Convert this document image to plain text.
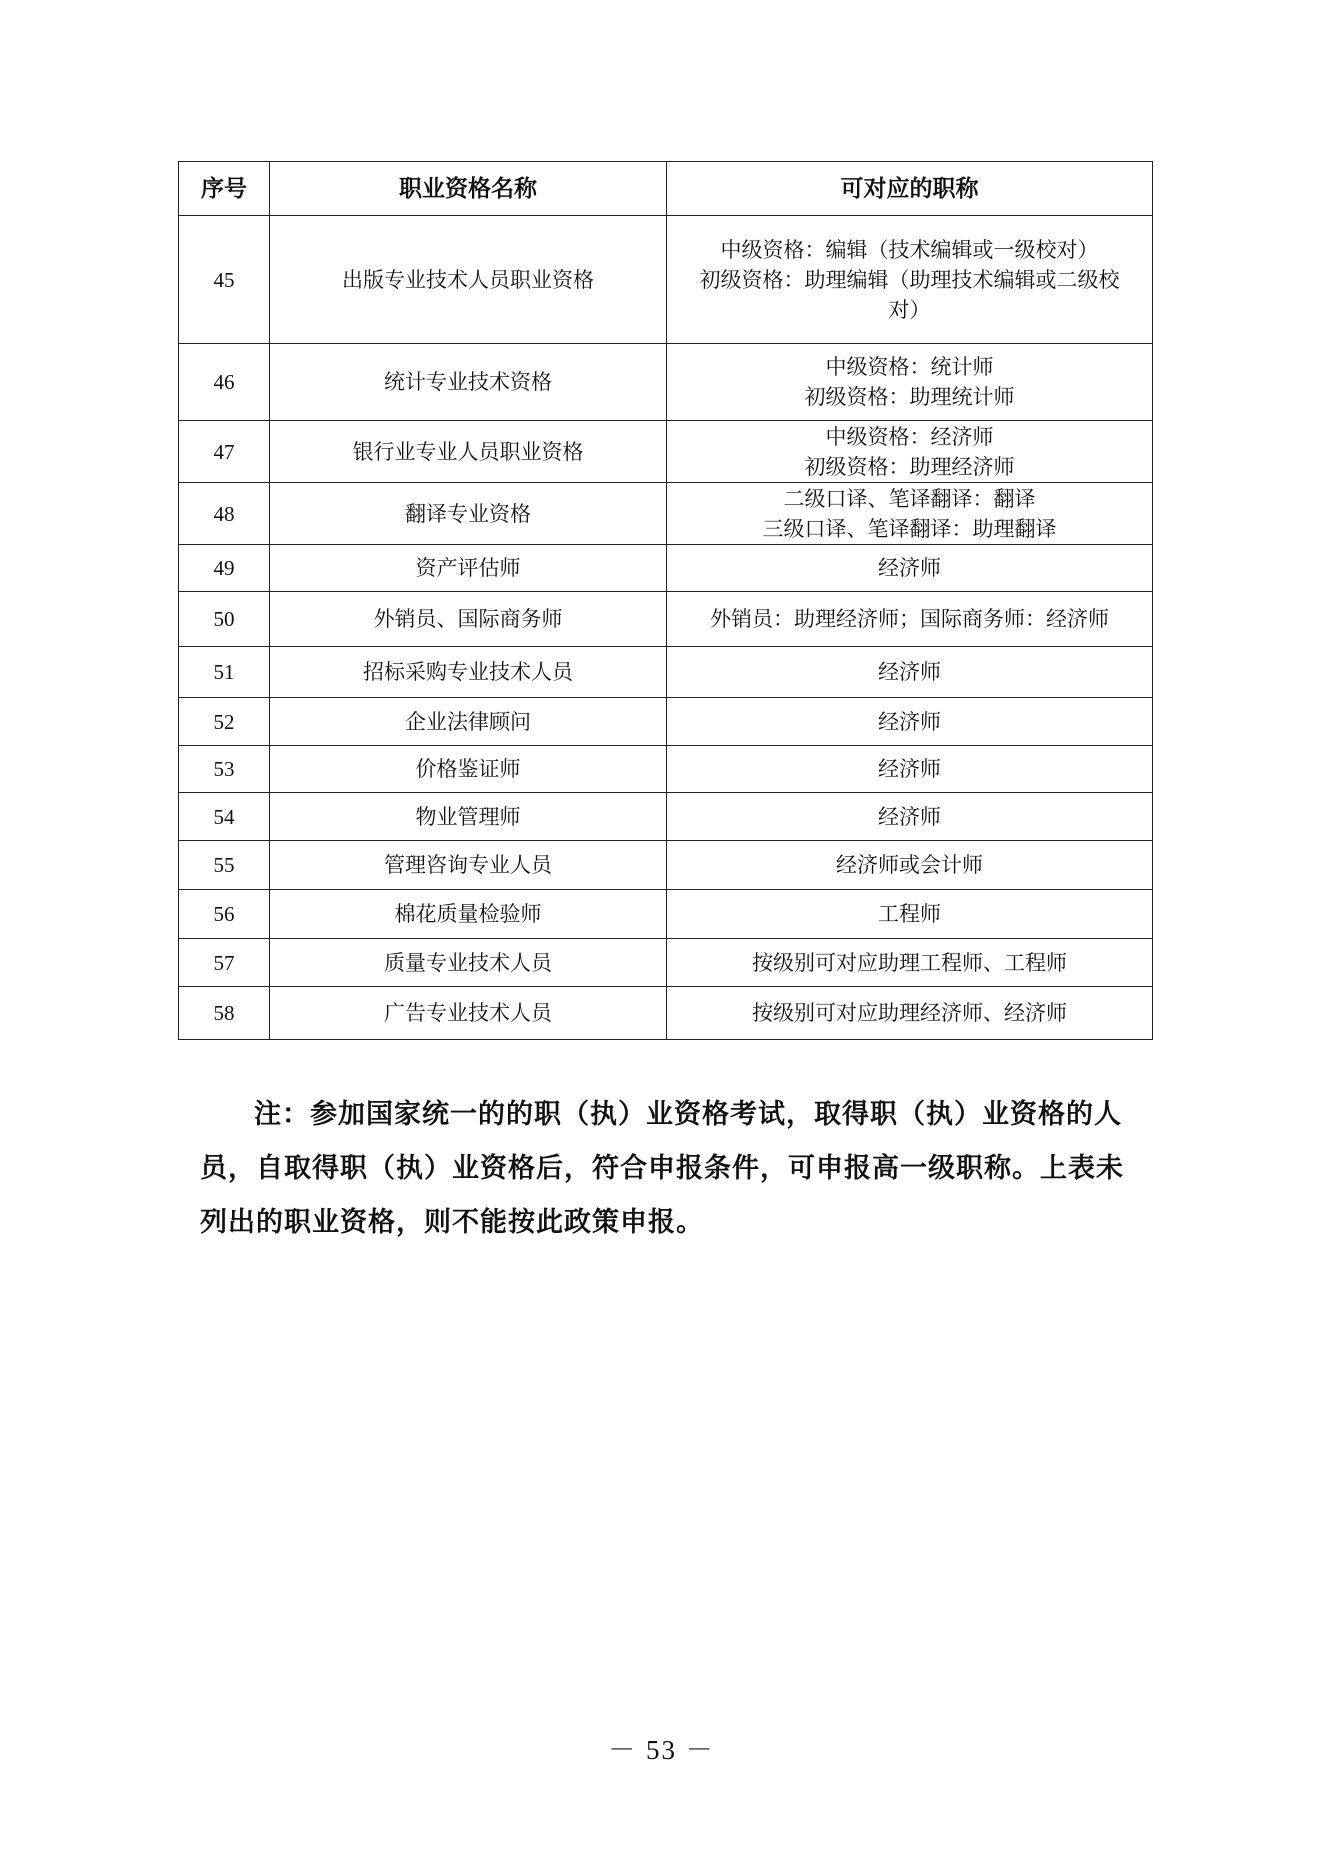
序号	职业资格名称	可对应的职称
45	出版专业技术人员职业资格	中级资格：编辑（技术编辑或一级校对）
初级资格：助理编辑（助理技术编辑或二级校
对）

46	统计专业技术资格	中级资格：统计师
初级资格：助理统计师

47	银行业专业人员职业资格	中级资格：经济师
初级资格：助理经济师

48	翻译专业资格	二级口译、笔译翻译：翻译
三级口译、笔译翻译：助理翻译

49	资产评估师	经济师

50	外销员、国际商务师	外销员：助理经济师；国际商务师：经济师

51	招标采购专业技术人员	经济师

52	企业法律顾问	经济师

53	价格鉴证师	经济师

54	物业管理师	经济师

55	管理咨询专业人员	经济师或会计师

56	棉花质量检验师	工程师

57	质量专业技术人员	按级别可对应助理工程师、工程师

58	广告专业技术人员	按级别可对应助理经济师、经济师

注：参加国家统一的的职（执）业资格考试，取得职（执）业资格的人员，自取得职（执）业资格后，符合申报条件，可申报高一级职称。上表未列出的职业资格，则不能按此政策申报。

－ 53 －
